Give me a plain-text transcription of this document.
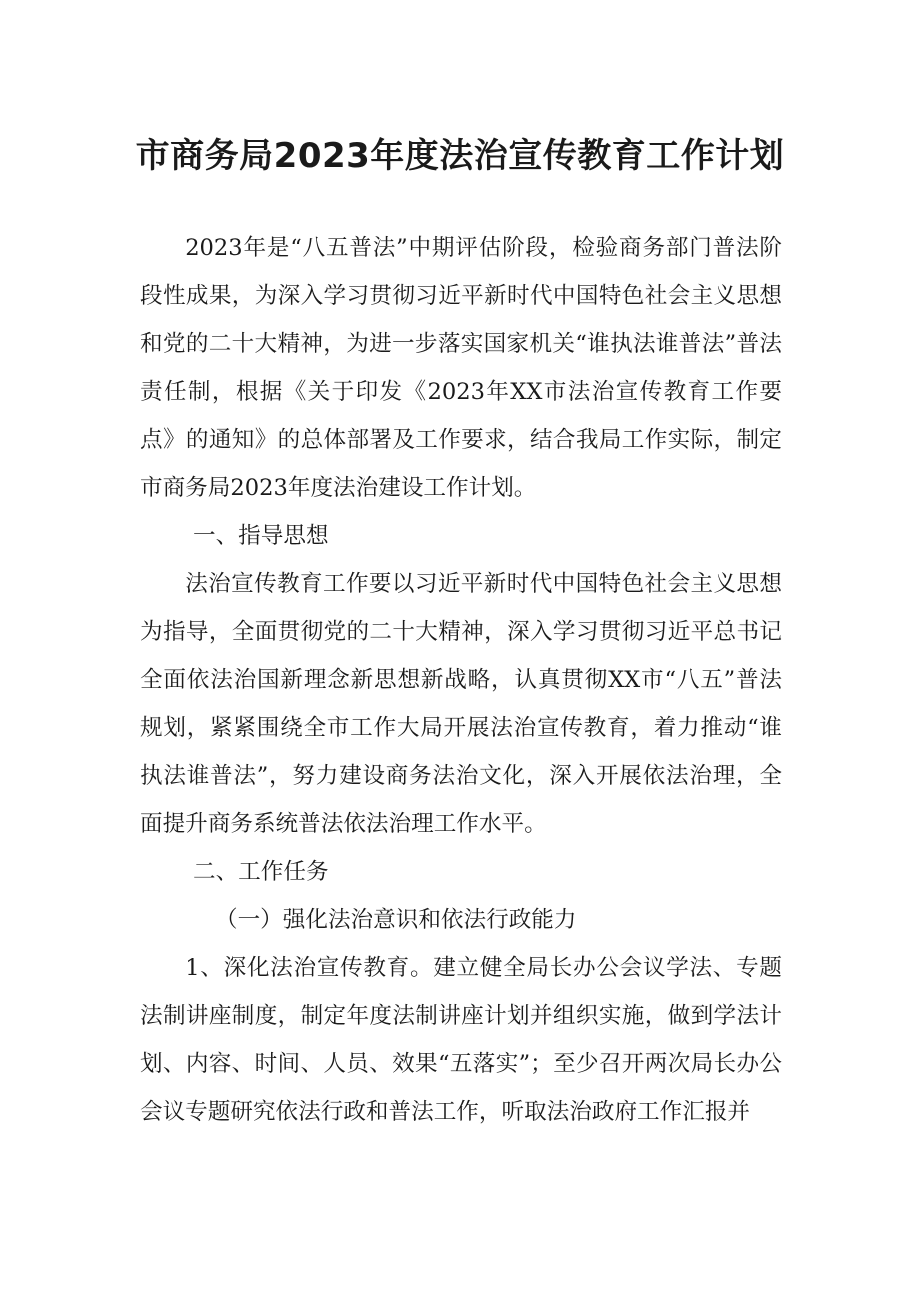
市商务局2023年度法治宣传教育工作计划

2023年是“八五普法”中期评估阶段，检验商务部门普法阶段性成果，为深入学习贯彻习近平新时代中国特色社会主义思想和党的二十大精神，为进一步落实国家机关“谁执法谁普法”普法责任制，根据《关于印发《2023年XX市法治宣传教育工作要点》的通知》的总体部署及工作要求，结合我局工作实际，制定市商务局2023年度法治建设工作计划。

一、指导思想

法治宣传教育工作要以习近平新时代中国特色社会主义思想为指导，全面贯彻党的二十大精神，深入学习贯彻习近平总书记全面依法治国新理念新思想新战略，认真贯彻XX市“八五”普法规划，紧紧围绕全市工作大局开展法治宣传教育，着力推动“谁执法谁普法”，努力建设商务法治文化，深入开展依法治理，全面提升商务系统普法依法治理工作水平。

二、工作任务

（一）强化法治意识和依法行政能力

1、深化法治宣传教育。建立健全局长办公会议学法、专题法制讲座制度，制定年度法制讲座计划并组织实施，做到学法计划、内容、时间、人员、效果“五落实”；至少召开两次局长办公会议专题研究依法行政和普法工作，听取法治政府工作汇报并
